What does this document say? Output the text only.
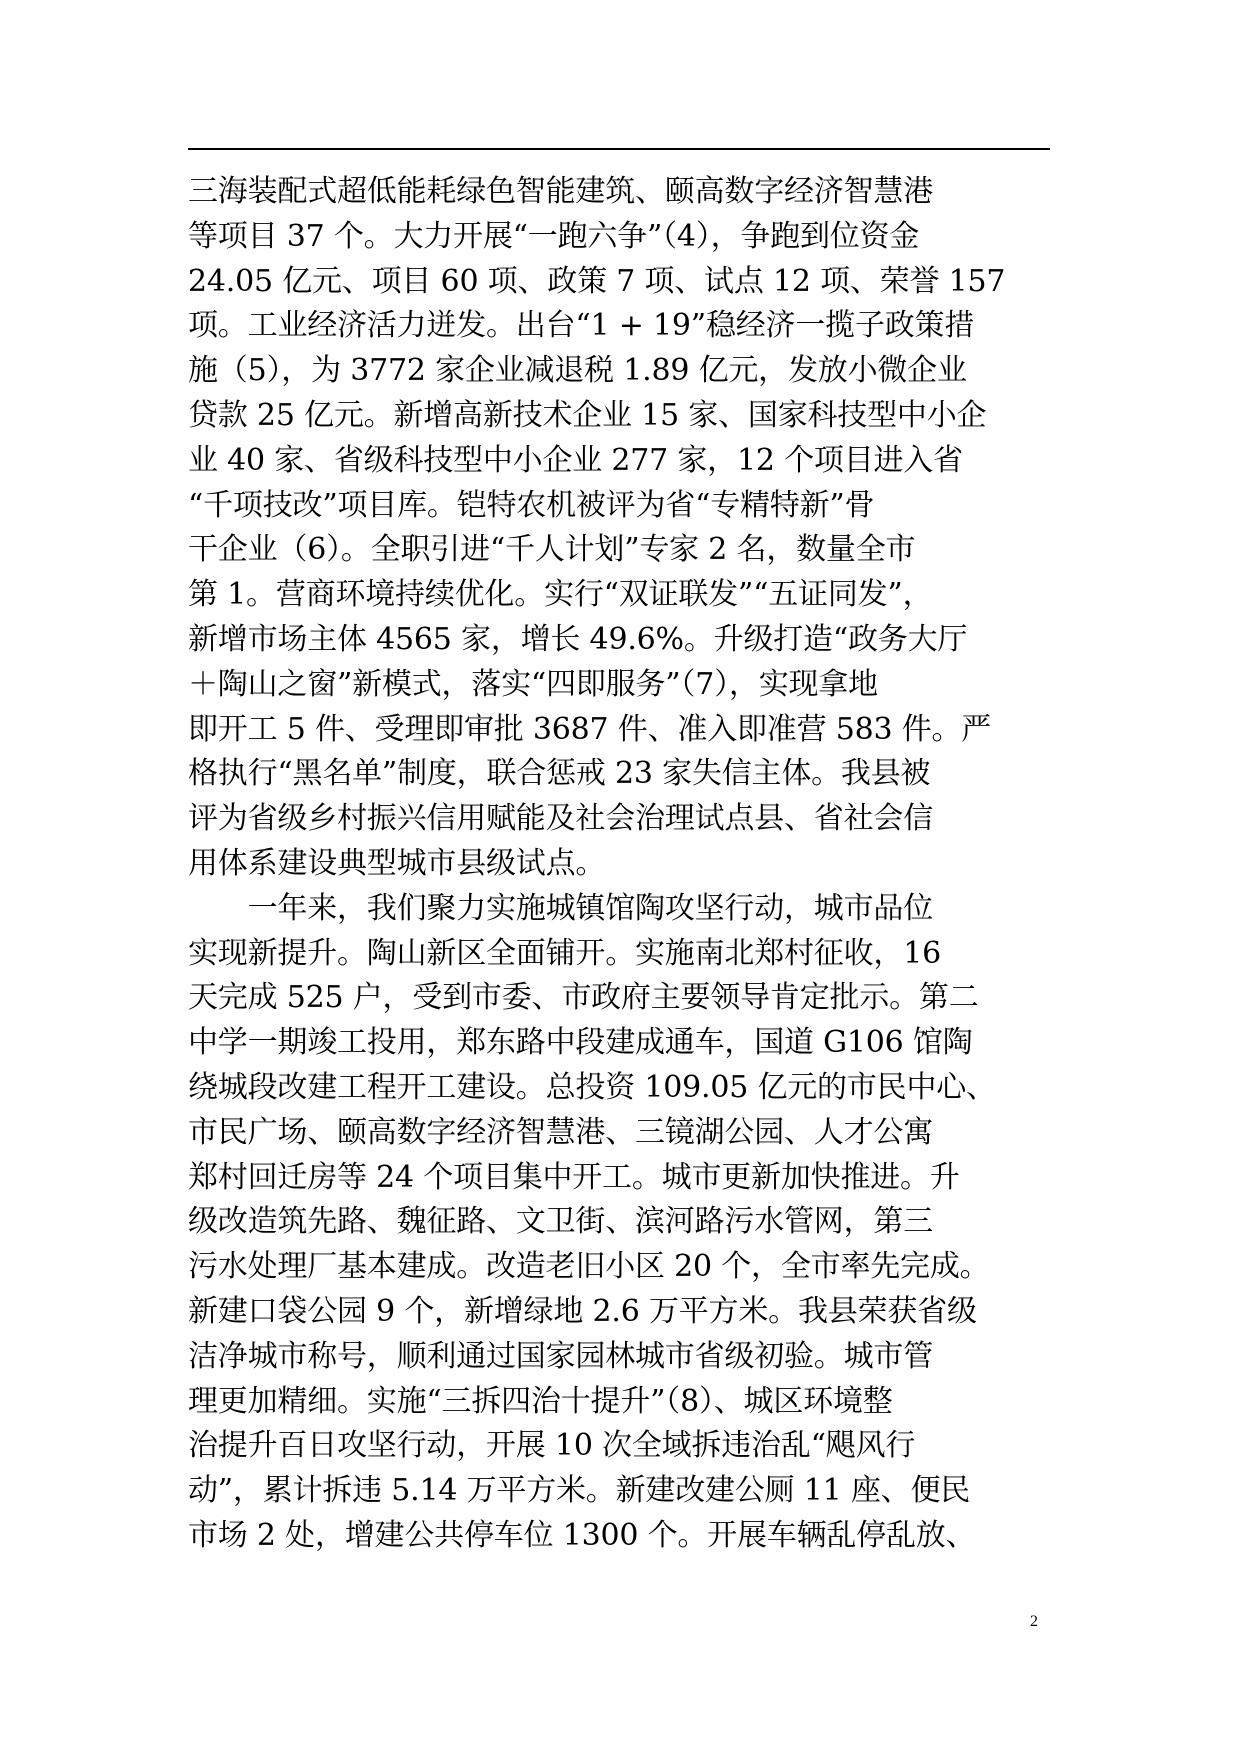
三海装配式超低能耗绿色智能建筑、颐高数字经济智慧港
等项目 37 个。大力开展“一跑六争”（4），争跑到位资金
24.05 亿元、项目 60 项、政策 7 项、试点 12 项、荣誉 157
项。工业经济活力迸发。出台“1 + 19”稳经济一揽子政策措
施（5），为 3772 家企业减退税 1.89 亿元，发放小微企业
贷款 25 亿元。新增高新技术企业 15 家、国家科技型中小企
业 40 家、省级科技型中小企业 277 家，12 个项目进入省
“千项技改”项目库。铠特农机被评为省“专精特新”骨
干企业（6）。全职引进“千人计划”专家 2 名，数量全市
第 1。营商环境持续优化。实行“双证联发”“五证同发”，
新增市场主体 4565 家，增长 49.6%。升级打造“政务大厅
＋陶山之窗”新模式，落实“四即服务”（7），实现拿地
即开工 5 件、受理即审批 3687 件、准入即准营 583 件。严
格执行“黑名单”制度，联合惩戒 23 家失信主体。我县被
评为省级乡村振兴信用赋能及社会治理试点县、省社会信
用体系建设典型城市县级试点。
　　一年来，我们聚力实施城镇馆陶攻坚行动，城市品位
实现新提升。陶山新区全面铺开。实施南北郑村征收，16
天完成 525 户，受到市委、市政府主要领导肯定批示。第二
中学一期竣工投用，郑东路中段建成通车，国道 G106 馆陶
绕城段改建工程开工建设。总投资 109.05 亿元的市民中心、
市民广场、颐高数字经济智慧港、三镜湖公园、人才公寓
郑村回迁房等 24 个项目集中开工。城市更新加快推进。升
级改造筑先路、魏征路、文卫街、滨河路污水管网，第三
污水处理厂基本建成。改造老旧小区 20 个，全市率先完成。
新建口袋公园 9 个，新增绿地 2.6 万平方米。我县荣获省级
洁净城市称号，顺利通过国家园林城市省级初验。城市管
理更加精细。实施“三拆四治十提升”（8）、城区环境整
治提升百日攻坚行动，开展 10 次全域拆违治乱“飓风行
动”，累计拆违 5.14 万平方米。新建改建公厕 11 座、便民
市场 2 处，增建公共停车位 1300 个。开展车辆乱停乱放、
2
